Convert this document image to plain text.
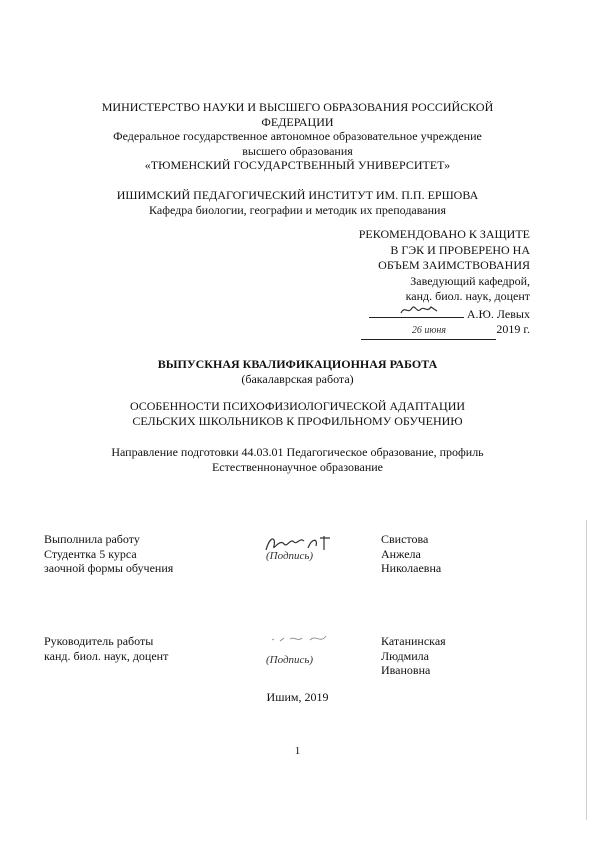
МИНИСТЕРСТВО НАУКИ И ВЫСШЕГО ОБРАЗОВАНИЯ РОССИЙСКОЙ
ФЕДЕРАЦИИ
Федеральное государственное автономное образовательное учреждение
высшего образования
«ТЮМЕНСКИЙ ГОСУДАРСТВЕННЫЙ УНИВЕРСИТЕТ»
ИШИМСКИЙ ПЕДАГОГИЧЕСКИЙ ИНСТИТУТ ИМ. П.П. ЕРШОВА
Кафедра биологии, географии и методик их преподавания
РЕКОМЕНДОВАНО К ЗАЩИТЕ
В ГЭК И ПРОВЕРЕНО НА
ОБЪЕМ ЗАИМСТВОВАНИЯ
Заведующий кафедрой,
канд. биол. наук, доцент
А.Ю. Левых
26 июня	2019 г.
ВЫПУСКНАЯ КВАЛИФИКАЦИОННАЯ РАБОТА
(бакалаврская работа)
ОСОБЕННОСТИ ПСИХОФИЗИОЛОГИЧЕСКОЙ АДАПТАЦИИ
СЕЛЬСКИХ ШКОЛЬНИКОВ К ПРОФИЛЬНОМУ ОБУЧЕНИЮ
Направление подготовки 44.03.01 Педагогическое образование, профиль
Естественнонаучное образование
Выполнила работу
Студентка 5 курса
заочной формы обучения
(Подпись)
Свистова
Анжела
Николаевна
Руководитель работы
канд. биол. наук, доцент	(Подпись)
Катанинская
Людмила
Ивановна
Ишим, 2019
1
